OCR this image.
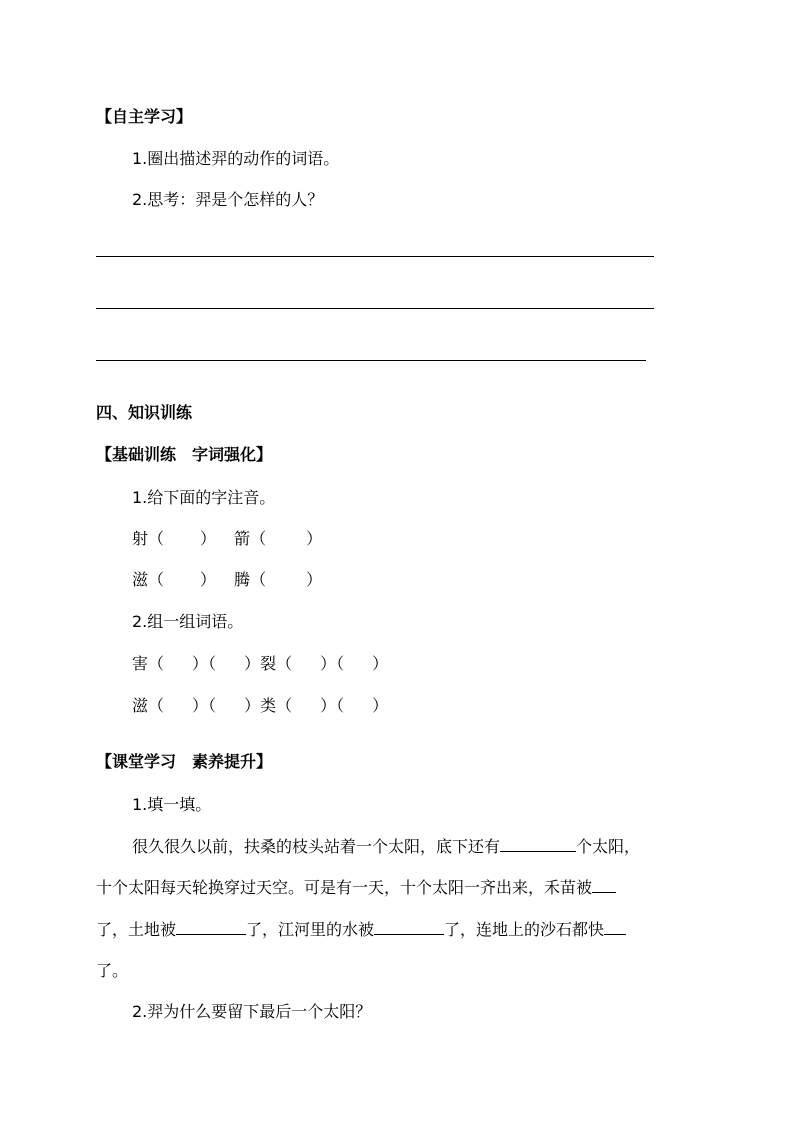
【自主学习】
1.圈出描述羿的动作的词语。
2.思考：羿是个怎样的人？
四、知识训练
【基础训练　字词强化】
1.给下面的字注音。
射（ ） 箭（	）
滋（ ） 腾（	）
2.组一组词语。
害（ ）（ ）裂（ ）（ ）
滋（ ）（ ）类（ ）（ ）
【课堂学习　素养提升】
1.填一填。
很久很久以前，扶桑的枝头站着一个太阳，底下还有	个太阳，
十个太阳每天轮换穿过天空。可是有一天，十个太阳一齐出来，禾苗被
了，土地被	了，江河里的水被	了，连地上的沙石都快
了。
2.羿为什么要留下最后一个太阳？
